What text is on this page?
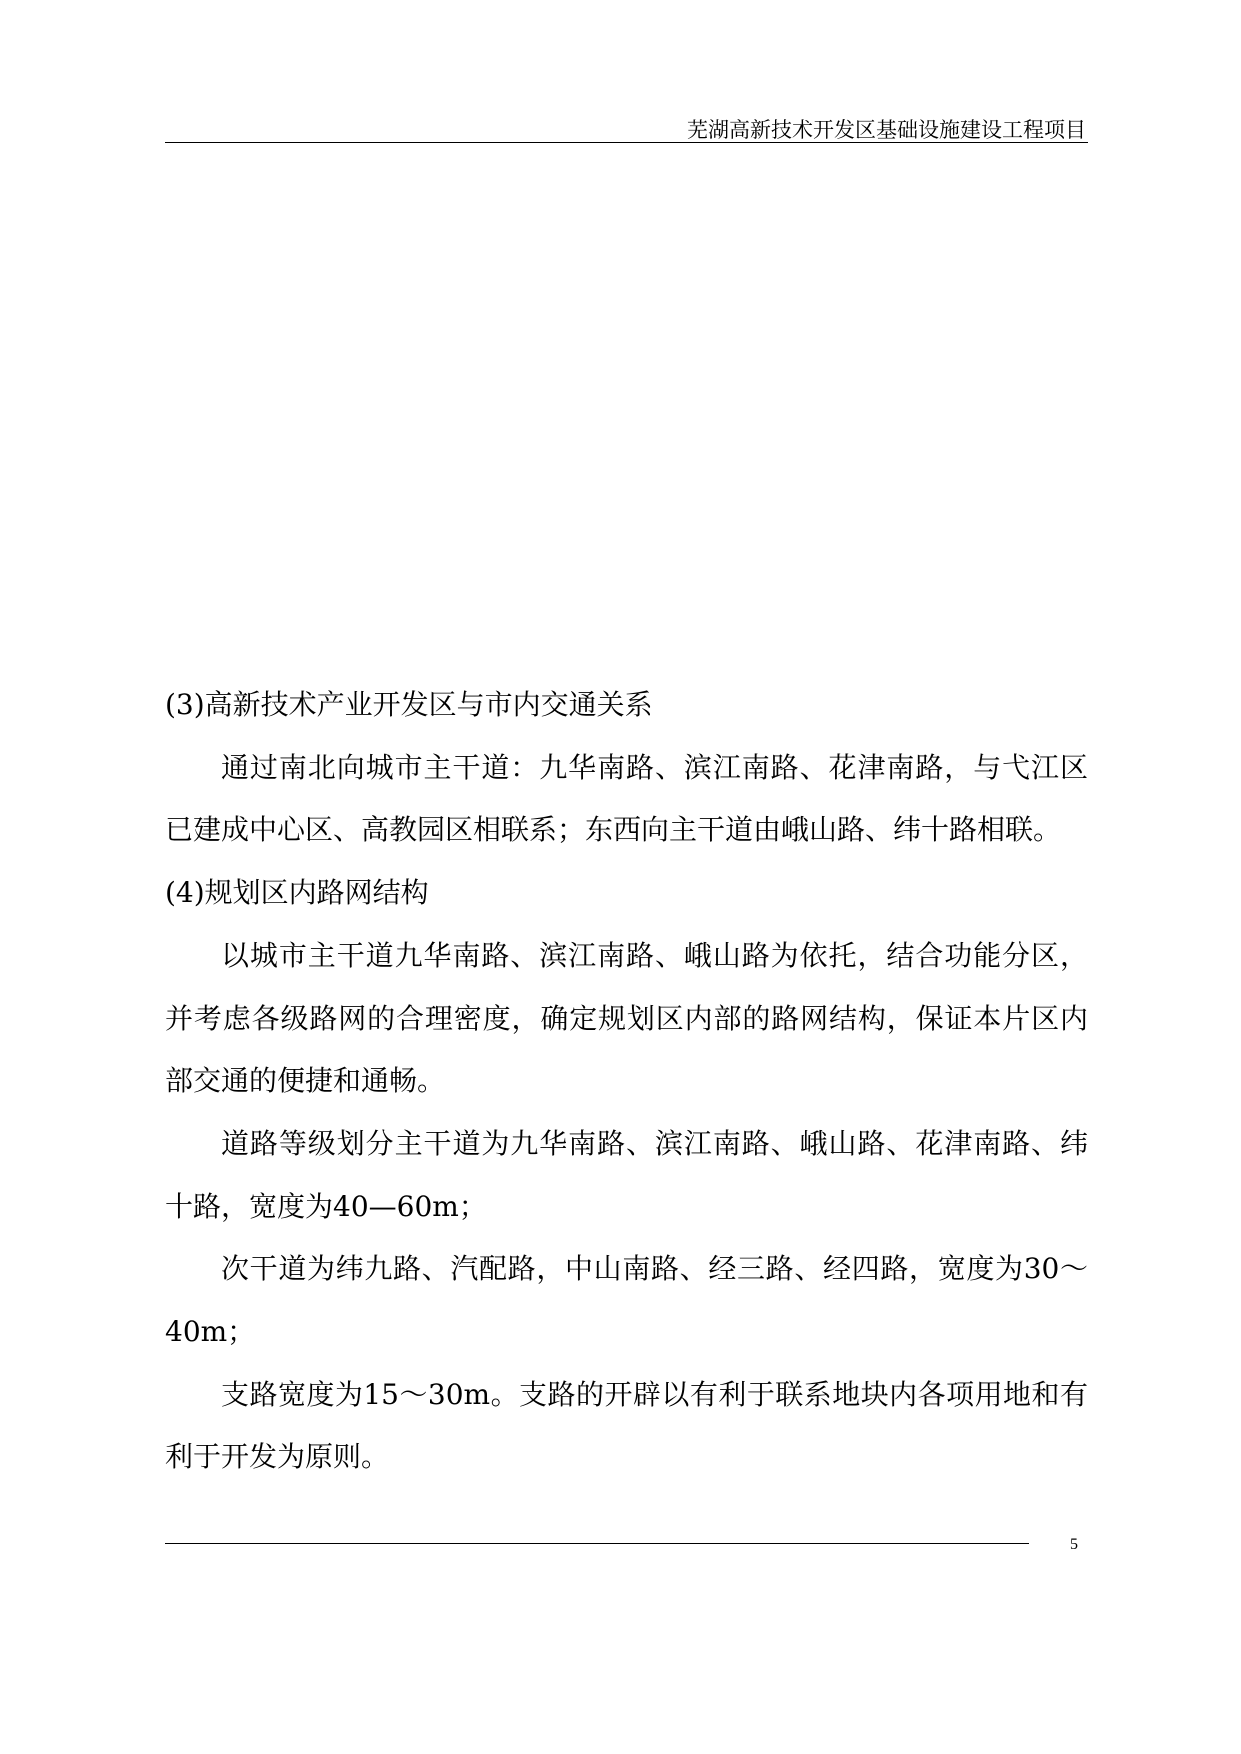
芜湖高新技术开发区基础设施建设工程项目

(3)高新技术产业开发区与市内交通关系

通过南北向城市主干道：九华南路、滨江南路、花津南路，与弋江区已建成中心区、高教园区相联系；东西向主干道由峨山路、纬十路相联。

(4)规划区内路网结构

以城市主干道九华南路、滨江南路、峨山路为依托，结合功能分区，并考虑各级路网的合理密度，确定规划区内部的路网结构，保证本片区内部交通的便捷和通畅。

道路等级划分主干道为九华南路、滨江南路、峨山路、花津南路、纬十路，宽度为40—60m；

次干道为纬九路、汽配路，中山南路、经三路、经四路，宽度为30～40m；

支路宽度为15～30m。支路的开辟以有利于联系地块内各项用地和有利于开发为原则。

5
